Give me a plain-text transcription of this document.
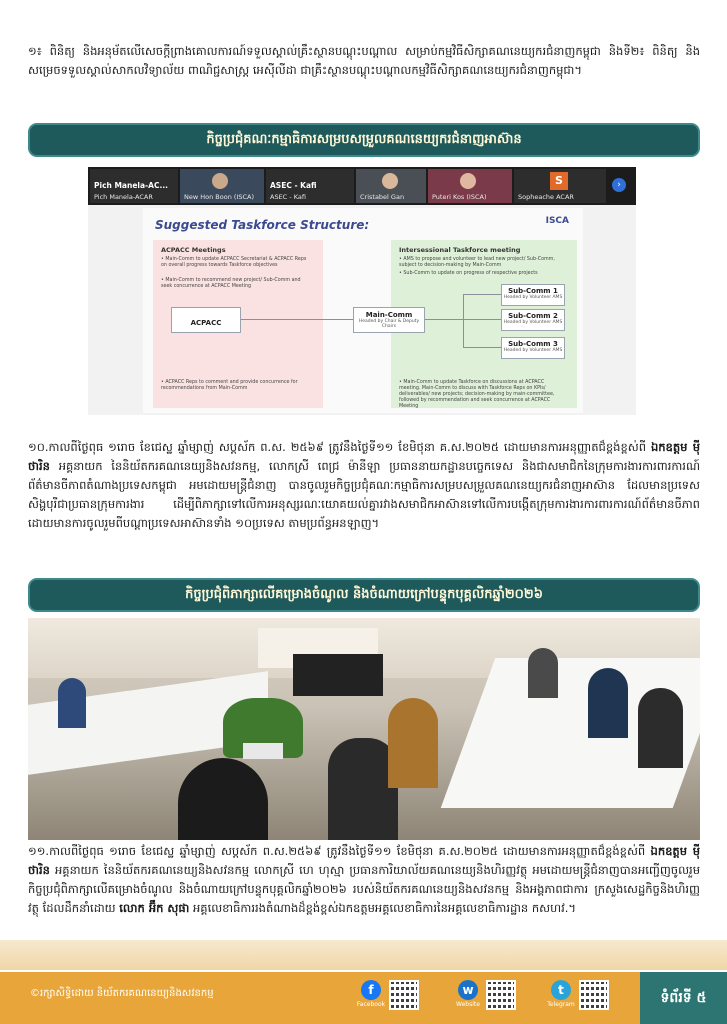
១៖ ពិនិត្យ និងអនុម័តលើសេចក្តីព្រាងគោលការណ៍ទទួលស្គាល់គ្រឹះស្ថានបណ្តុះបណ្តាល សម្រាប់កម្មវិធីសិក្សាគណនេយ្យករជំនាញកម្ពុជា និងទី២៖ ពិនិត្យ និងសម្រេចទទួលស្គាល់សាកលវិទ្យាល័យ ពាណិជ្ជសាស្ត្រ អេស៊ីលីដា ជាគ្រឹះស្ថានបណ្តុះបណ្តាលកម្មវិធីសិក្សាគណនេយ្យករជំនាញកម្ពុជា។
កិច្ចប្រជុំគណៈកម្មាធិការសម្របសម្រួលគណនេយ្យករជំនាញអាស៊ាន
Pich Manela-AC...
Pich Manela-ACAR	New Hon Boon (ISCA)
ASEC - Kafi
ASEC - Kafi	Cristabel Gan	Puteri Kos (ISCA)
S
Sopheache ACAR
›
Suggested Taskforce Structure:	ISCA
ACPACC Meetings
• Main-Comm to update ACPACC Secretariat & ACPACC Reps on overall progress towards Taskforce objectives
• Main-Comm to recommend new project/ Sub-Comm and seek concurrence at ACPACC Meeting
• ACPACC Reps to comment and provide concurrence for recommendations from Main-Comm
Intersessional Taskforce meeting
• AMS to propose and volunteer to lead new project/ Sub-Comm, subject to decision-making by Main-Comm
• Sub-Comm to update on progress of respective projects
• Main-Comm to update Taskforce on discussions at ACPACC meeting. Main-Comm to discuss with Taskforce Reps on KPIs/ deliverables/ new projects; decision-making by main-committee, followed by recommendation and seek concurrence at ACPACC Meeting
ACPACC
Main-Comm
Headed by Chair & Deputy Chairs
Sub-Comm 1
Headed by Volunteer AMS
Sub-Comm 2
Headed by Volunteer AMS
Sub-Comm 3
Headed by Volunteer AMS
១០.កាលពីថ្ងៃពុធ ១រោច ខែជេស្ឋ ឆ្នាំម្សាញ់ សប្តស័ក ព.ស. ២៥៦៩ ត្រូវនឹងថ្ងៃទី១១ ខែមិថុនា គ.ស.២០២៥ ដោយមានការអនុញ្ញាតជ៏ខ្ពង់ខ្ពស់ពី ឯកឧត្តម ម៉ី ថារិន អគ្គនាយក នៃនិយ័តករគណនេយ្យនិងសវនកម្ម, លោកស្រី ពេជ្រ ម៉ានីឡា ប្រធាននាយកដ្ឋានបច្ចេកទេស និងជាសមាជិកនៃក្រុមការងារការពារការណ៍ព័ត៌មានចីភាពតំណាងប្រទេសកម្ពុជា អមដោយមន្ត្រីជំនាញ បានចូលរួមកិច្ចប្រជុំគណៈកម្មាធិការសម្របសម្រួលគណនេយ្យករជំនាញអាស៊ាន ដែលមានប្រទេសសិង្ហបុរីជាប្រធានក្រុមការងារ ដើម្បីពិភាក្សាទៅលើការអនុស្សរណៈយោគយល់គ្នារវាងសមាជិកអាស៊ានទៅលើការបង្កើតក្រុមការងារការពារការណ៍ព័ត៌មានចីភាពដោយមានការចូលរួមពីបណ្តាប្រទេសអាស៊ានទាំង ១០ប្រទេស តាមប្រព័ន្ធអនឡាញ។
កិច្ចប្រជុំពិភាក្សាលើគម្រោងចំណូល និងចំណាយក្រៅបន្ទុកបុគ្គលិកឆ្នាំ២០២៦
១១.កាលពីថ្ងៃពុធ ១រោច ខែជេស្ឋ ឆ្នាំម្សាញ់ សប្តស័ក ព.ស.២៥៦៩ ត្រូវនឹងថ្ងៃទី១១ ខែមិថុនា គ.ស.២០២៥ ដោយមានការអនុញ្ញាតជ៏ខ្ពង់ខ្ពស់ពី ឯកឧត្តម ម៉ី ថារិន អគ្គនាយក នៃនិយ័តករគណនេយ្យនិងសវនកម្ម លោកស្រី ហេ ហុស្មា ប្រធានការិយាល័យគណនេយ្យនិងហិរញ្ញវត្ថុ អមដោយមន្ត្រីជំនាញបានអញ្ជើញចូលរួមកិច្ចប្រជុំពិភាក្សាលើគម្រោងចំណូល និងចំណាយក្រៅបន្ទុកបុគ្គលិកឆ្នាំ២០២៦ របស់និយ័តករគណនេយ្យនិងសវនកម្ម និងអង្គភាពជាការ ក្រសួងសេដ្ឋកិច្ចនិងហិរញ្ញវត្ថុ ដែលដឹកនាំដោយ លោក អ៊ឹក សុផា អគ្គលេខាធិការរងតំណាងដ៏ខ្ពង់ខ្ពស់ឯកឧត្តមអគ្គលេខាធិការនៃអគ្គលេខាធិការដ្ឋាន កសហវ.។
©រក្សាសិទ្ធិដោយ និយ័តករគណនេយ្យនិងសវនកម្ម	f
Facebook
w
Website
t
Telegram	ទំព័រទី ៥
